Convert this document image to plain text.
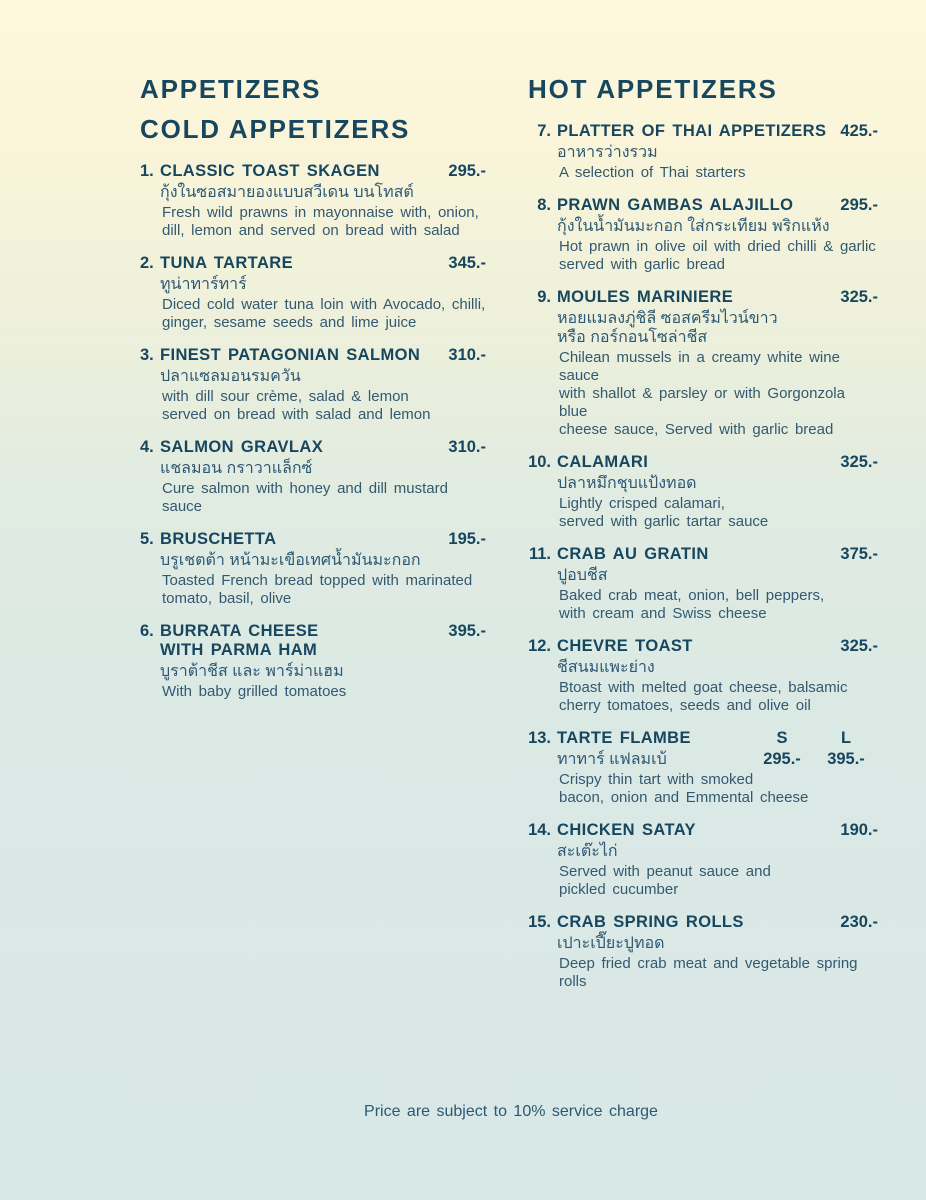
APPETIZERS
COLD APPETIZERS
1. CLASSIC TOAST SKAGEN	295.-
กุ้งในซอสมายองแบบสวีเดน บนโทสต์
Fresh wild prawns in mayonnaise with, onion,
dill, lemon and served on bread with salad
2. TUNA TARTARE	345.-
ทูน่าทาร์ทาร์
Diced cold water tuna loin with Avocado, chilli,
ginger, sesame seeds and lime juice
3. FINEST PATAGONIAN SALMON	310.-
ปลาแซลมอนรมควัน
with dill sour crème, salad & lemon
served on bread with salad and lemon
4. SALMON GRAVLAX	310.-
แชลมอน กราวาแล็กซ์
Cure salmon with honey and dill mustard sauce
5. BRUSCHETTA	195.-
บรูเชตต้า หน้ามะเขือเทศน้ำมันมะกอก
Toasted French bread topped with marinated
tomato, basil, olive
6. BURRATA CHEESE
WITH PARMA HAM
395.-
บูราต้าชีส และ พาร์ม่าแฮม
With baby grilled tomatoes
HOT APPETIZERS
7. PLATTER OF THAI APPETIZERS 425.-
อาหารว่างรวม
A selection of Thai starters
8. PRAWN GAMBAS ALAJILLO	295.-
กุ้งในน้ำมันมะกอก ใส่กระเทียม พริกแห้ง
Hot prawn in olive oil with dried chilli & garlic
served with garlic bread
9. MOULES MARINIERE	325.-
หอยแมลงภู่ชิลี ซอสครีมไวน์ขาว
หรือ กอร์กอนโซล่าชีส
Chilean mussels in a creamy white wine sauce
with shallot & parsley or with Gorgonzola blue
cheese sauce, Served with garlic bread
10. CALAMARI	325.-
ปลาหมึกชุบแป้งทอด
Lightly crisped calamari,
served with garlic tartar sauce
11. CRAB AU GRATIN	375.-
ปูอบชีส
Baked crab meat, onion, bell peppers,
with cream and Swiss cheese
12. CHEVRE TOAST	325.-
ชีสนมแพะย่าง
Btoast with melted goat cheese, balsamic
cherry tomatoes, seeds and olive oil
13. TARTE FLAMBE	S	L
ทาทาร์ แฟลมเบ้	295.-	395.-
Crispy thin tart with smoked
bacon, onion and Emmental cheese
14. CHICKEN SATAY	190.-
สะเต๊ะไก่
Served with peanut sauce and
pickled cucumber
15. CRAB SPRING ROLLS	230.-
เปาะเปี๊ยะปูทอด
Deep fried crab meat and vegetable spring rolls
Price are subject to 10% service charge
